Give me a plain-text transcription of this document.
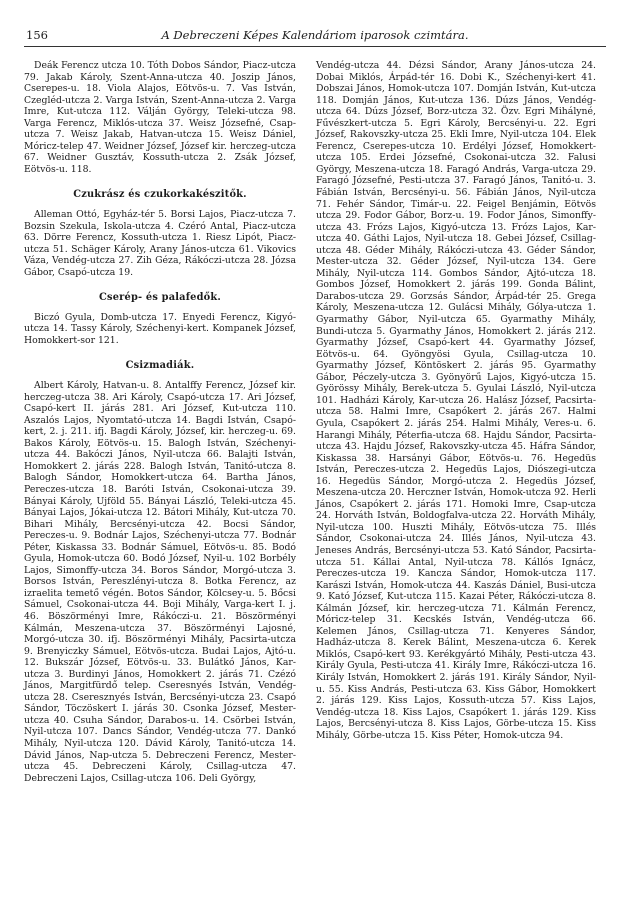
156	A Debreczeni Képes Kalendáriom iparosok czimtára.

Deák Ferencz utcza 10. Tóth Dobos Sándor, Piacz-utcza 79. Jakab Károly, Szent-Anna-utcza 40. Joszip János, Cserepes-u. 18. Viola Alajos, Eötvös-u. 7. Vas István, Czegléd-utcza 2. Varga István, Szent-Anna-utcza 2. Varga Imre, Kut-utcza 112. Válján György, Teleki-utcza 98. Varga Ferencz, Miklós-utcza 37. Weisz Józsefné, Csap-utcza 7. Weisz Jakab, Hatvan-utcza 15. Weisz Dániel, Móricz-telep 47. Weidner József, József kir. herczeg-utcza 67. Weidner Gusztáv, Kossuth-utcza 2. Zsák József, Eötvös-u. 118.

Czukrász és czukorkakészitők.

Alleman Ottó, Egyház-tér 5. Borsi Lajos, Piacz-utcza 7. Bozsin Szekula, Iskola-utcza 4. Czéró Antal, Piacz-utcza 63. Dörre Ferencz, Kossuth-utcza 1. Riesz Lipót, Piacz-utcza 51. Schäger Károly, Arany János-utcza 61. Vikovics Váza, Vendég-utcza 27. Zih Géza, Rákóczi-utcza 28. Józsa Gábor, Csapó-utcza 19.

Cserép- és palafedők.

Biczó Gyula, Domb-utcza 17. Enyedi Ferencz, Kigyó-utcza 14. Tassy Károly, Széchenyi-kert. Kompanek József, Homokkert-sor 121.

Csizmadiák.

Albert Károly, Hatvan-u. 8. Antalffy Ferencz, József kir. herczeg-utcza 38. Ari Károly, Csapó-utcza 17. Ari József, Csapó-kert II. járás 281. Ari József, Kut-utcza 110. Aszalós Lajos, Nyomtató-utcza 14. Bagdi István, Csapó-kert, 2. j. 211. ifj. Bagdi Károly, József, kir. herczeg-u. 69. Bakos Károly, Eötvös-u. 15. Balogh István, Széchenyi-utcza 44. Bakóczi János, Nyil-utcza 66. Balajti István, Homokkert 2. járás 228. Balogh István, Tanitó-utcza 8. Balogh Sándor, Homokkert-utcza 64. Bartha János, Pereczes-utcza 18. Baróti István, Csokonai-utcza 39. Bányai Károly, Ujföld 55. Bányai László, Teleki-utcza 45. Bányai Lajos, Jókai-utcza 12. Bátori Mihály, Kut-utcza 70. Bihari Mihály, Bercsényi-utcza 42. Bocsi Sándor, Pereczes-u. 9. Bodnár Lajos, Széchenyi-utcza 77. Bodnár Péter, Kiskassa 33. Bodnár Sámuel, Eötvös-u. 85. Bodó Gyula, Homok-utcza 60. Bodó József, Nyil-u. 102 Borbély Lajos, Simonffy-utcza 34. Boros Sándor, Morgó-utcza 3. Borsos István, Pereszlényi-utcza 8. Botka Ferencz, az izraelita temető végén. Botos Sándor, Kölcsey-u. 5. Bőcsi Sámuel, Csokonai-utcza 44. Boji Mihály, Varga-kert I. j. 46. Böszörményi Imre, Rákóczi-u. 21. Böszörményi Kálmán, Meszena-utcza 37. Böszörményi Lajosné, Morgó-utcza 30. ifj. Böszörményi Mihály, Pacsirta-utcza 9. Brenyiczky Sámuel, Eötvös-utcza. Budai Lajos, Ajtó-u. 12. Bukszár József, Eötvös-u. 33. Bulátkó János, Kar-utcza 3. Burdinyi János, Homokkert 2. járás 71. Czézó János, Margitfürdő telep. Cseresnyés István, Vendég-utcza 28. Cseresznyés István, Bercsényi-utcza 23. Csapó Sándor, Töczöskert I. járás 30. Csonka József, Mester-utcza 40. Csuha Sándor, Darabos-u. 14. Csörbei István, Nyil-utcza 107. Dancs Sándor, Vendég-utcza 77. Dankó Mihály, Nyil-utcza 120. Dávid Károly, Tanitó-utcza 14. Dávid János, Nap-utcza 5. Debreczeni Ferencz, Mester-utcza 45. Debreczeni Károly, Csillag-utcza 47. Debreczeni Lajos, Csillag-utcza 106. Deli György,

Vendég-utcza 44. Dézsi Sándor, Arany János-utcza 24. Dobai Miklós, Árpád-tér 16. Dobi K., Széchenyi-kert 41. Dobszai János, Homok-utcza 107. Domján István, Kut-utcza 118. Domján János, Kut-utcza 136. Dúzs János, Vendég-utcza 64. Dúzs József, Borz-utcza 32. Özv. Egri Mihályné, Fűvészkert-utcza 5. Egri Károly, Bercsényi-u. 22. Egri József, Rakovszky-utcza 25. Ekli Imre, Nyil-utcza 104. Elek Ferencz, Cserepes-utcza 10. Erdélyi József, Homokkert-utcza 105. Erdei Józsefné, Csokonai-utcza 32. Falusi György, Meszena-utcza 18. Faragó András, Varga-utcza 29. Faragó Józsefné, Pesti-utcza 37. Faragó János, Tanitó-u. 3. Fábián István, Bercsényi-u. 56. Fábián János, Nyil-utcza 71. Fehér Sándor, Timár-u. 22. Feigel Benjámin, Eötvös utcza 29. Fodor Gábor, Borz-u. 19. Fodor János, Simonffy-utcza 43. Frózs Lajos, Kigyó-utcza 13. Frózs Lajos, Kar-utcza 40. Gáthi Lajos, Nyil-utcza 18. Gebei József, Csillag-utcza 48. Géder Mihály, Rákóczi-utcza 43. Géder Sándor, Mester-utcza 32. Géder József, Nyil-utcza 134. Gere Mihály, Nyil-utcza 114. Gombos Sándor, Ajtó-utcza 18. Gombos József, Homokkert 2. járás 199. Gonda Bálint, Darabos-utcza 29. Gorzsás Sándor, Árpád-tér 25. Grega Károly, Meszena-utcza 12. Gulácsi Mihály, Gólya-utcza 1. Gyarmathy Gábor, Nyil-utcza 65. Gyarmathy Mihály, Bundi-utcza 5. Gyarmathy János, Homokkert 2. járás 212. Gyarmathy József, Csapó-kert 44. Gyarmathy József, Eötvös-u. 64. Gyöngyösi Gyula, Csillag-utcza 10. Gyarmathy József, Köntöskert 2. járás 95. Gyarmathy Gábor, Péczely-utcza 3. Gyönyörű Lajos, Kigyó-utcza 15. Györössy Mihály, Berek-utcza 5. Gyulai László, Nyil-utcza 101. Hadházi Károly, Kar-utcza 26. Halász József, Pacsirta-utcza 58. Halmi Imre, Csapókert 2. járás 267. Halmi Gyula, Csapókert 2. járás 254. Halmi Mihály, Veres-u. 6. Harangi Mihály, Péterfia-utcza 68. Hajdu Sándor, Pacsirta-utcza 43. Hajdu József, Rakovszky-utcza 45. Háfra Sándor, Kiskassa 38. Harsányi Gábor, Eötvös-u. 76. Hegedüs István, Pereczes-utcza 2. Hegedüs Lajos, Diószegi-utcza 16. Hegedüs Sándor, Morgó-utcza 2. Hegedüs József, Meszena-utcza 20. Herczner István, Homok-utcza 92. Herli János, Csapókert 2. járás 171. Homoki Imre, Csap-utcza 24. Horváth István, Boldogfalva-utcza 22. Horváth Mihály, Nyil-utcza 100. Huszti Mihály, Eötvös-utcza 75. Illés Sándor, Csokonai-utcza 24. Illés János, Nyil-utcza 43. Jeneses András, Bercsényi-utcza 53. Kató Sándor, Pacsirta-utcza 51. Kállai Antal, Nyil-utcza 78. Kállós Ignácz, Pereczes-utcza 19. Kancza Sándor, Homok-utcza 117. Karászi István, Homok-utcza 44. Kaszás Dániel, Busi-utcza 9. Kató József, Kut-utcza 115. Kazai Péter, Rákóczi-utcza 8. Kálmán József, kir. herczeg-utcza 71. Kálmán Ferencz, Móricz-telep 31. Kecskés István, Vendég-utcza 66. Kelemen János, Csillag-utcza 71. Kenyeres Sándor, Hadház-utcza 8. Kerek Bálint, Meszena-utcza 6. Kerek Miklós, Csapó-kert 93. Kerékgyártó Mihály, Pesti-utcza 43. Király Gyula, Pesti-utcza 41. Király Imre, Rákóczi-utcza 16. Király István, Homokkert 2. járás 191. Király Sándor, Nyil-u. 55. Kiss András, Pesti-utcza 63. Kiss Gábor, Homokkert 2. járás 129. Kiss Lajos, Kossuth-utcza 57. Kiss Lajos, Vendég-utcza 18. Kiss Lajos, Csapókert 1. járás 129. Kiss Lajos, Bercsényi-utcza 8. Kiss Lajos, Görbe-utcza 15. Kiss Mihály, Görbe-utcza 15. Kiss Péter, Homok-utcza 94.
